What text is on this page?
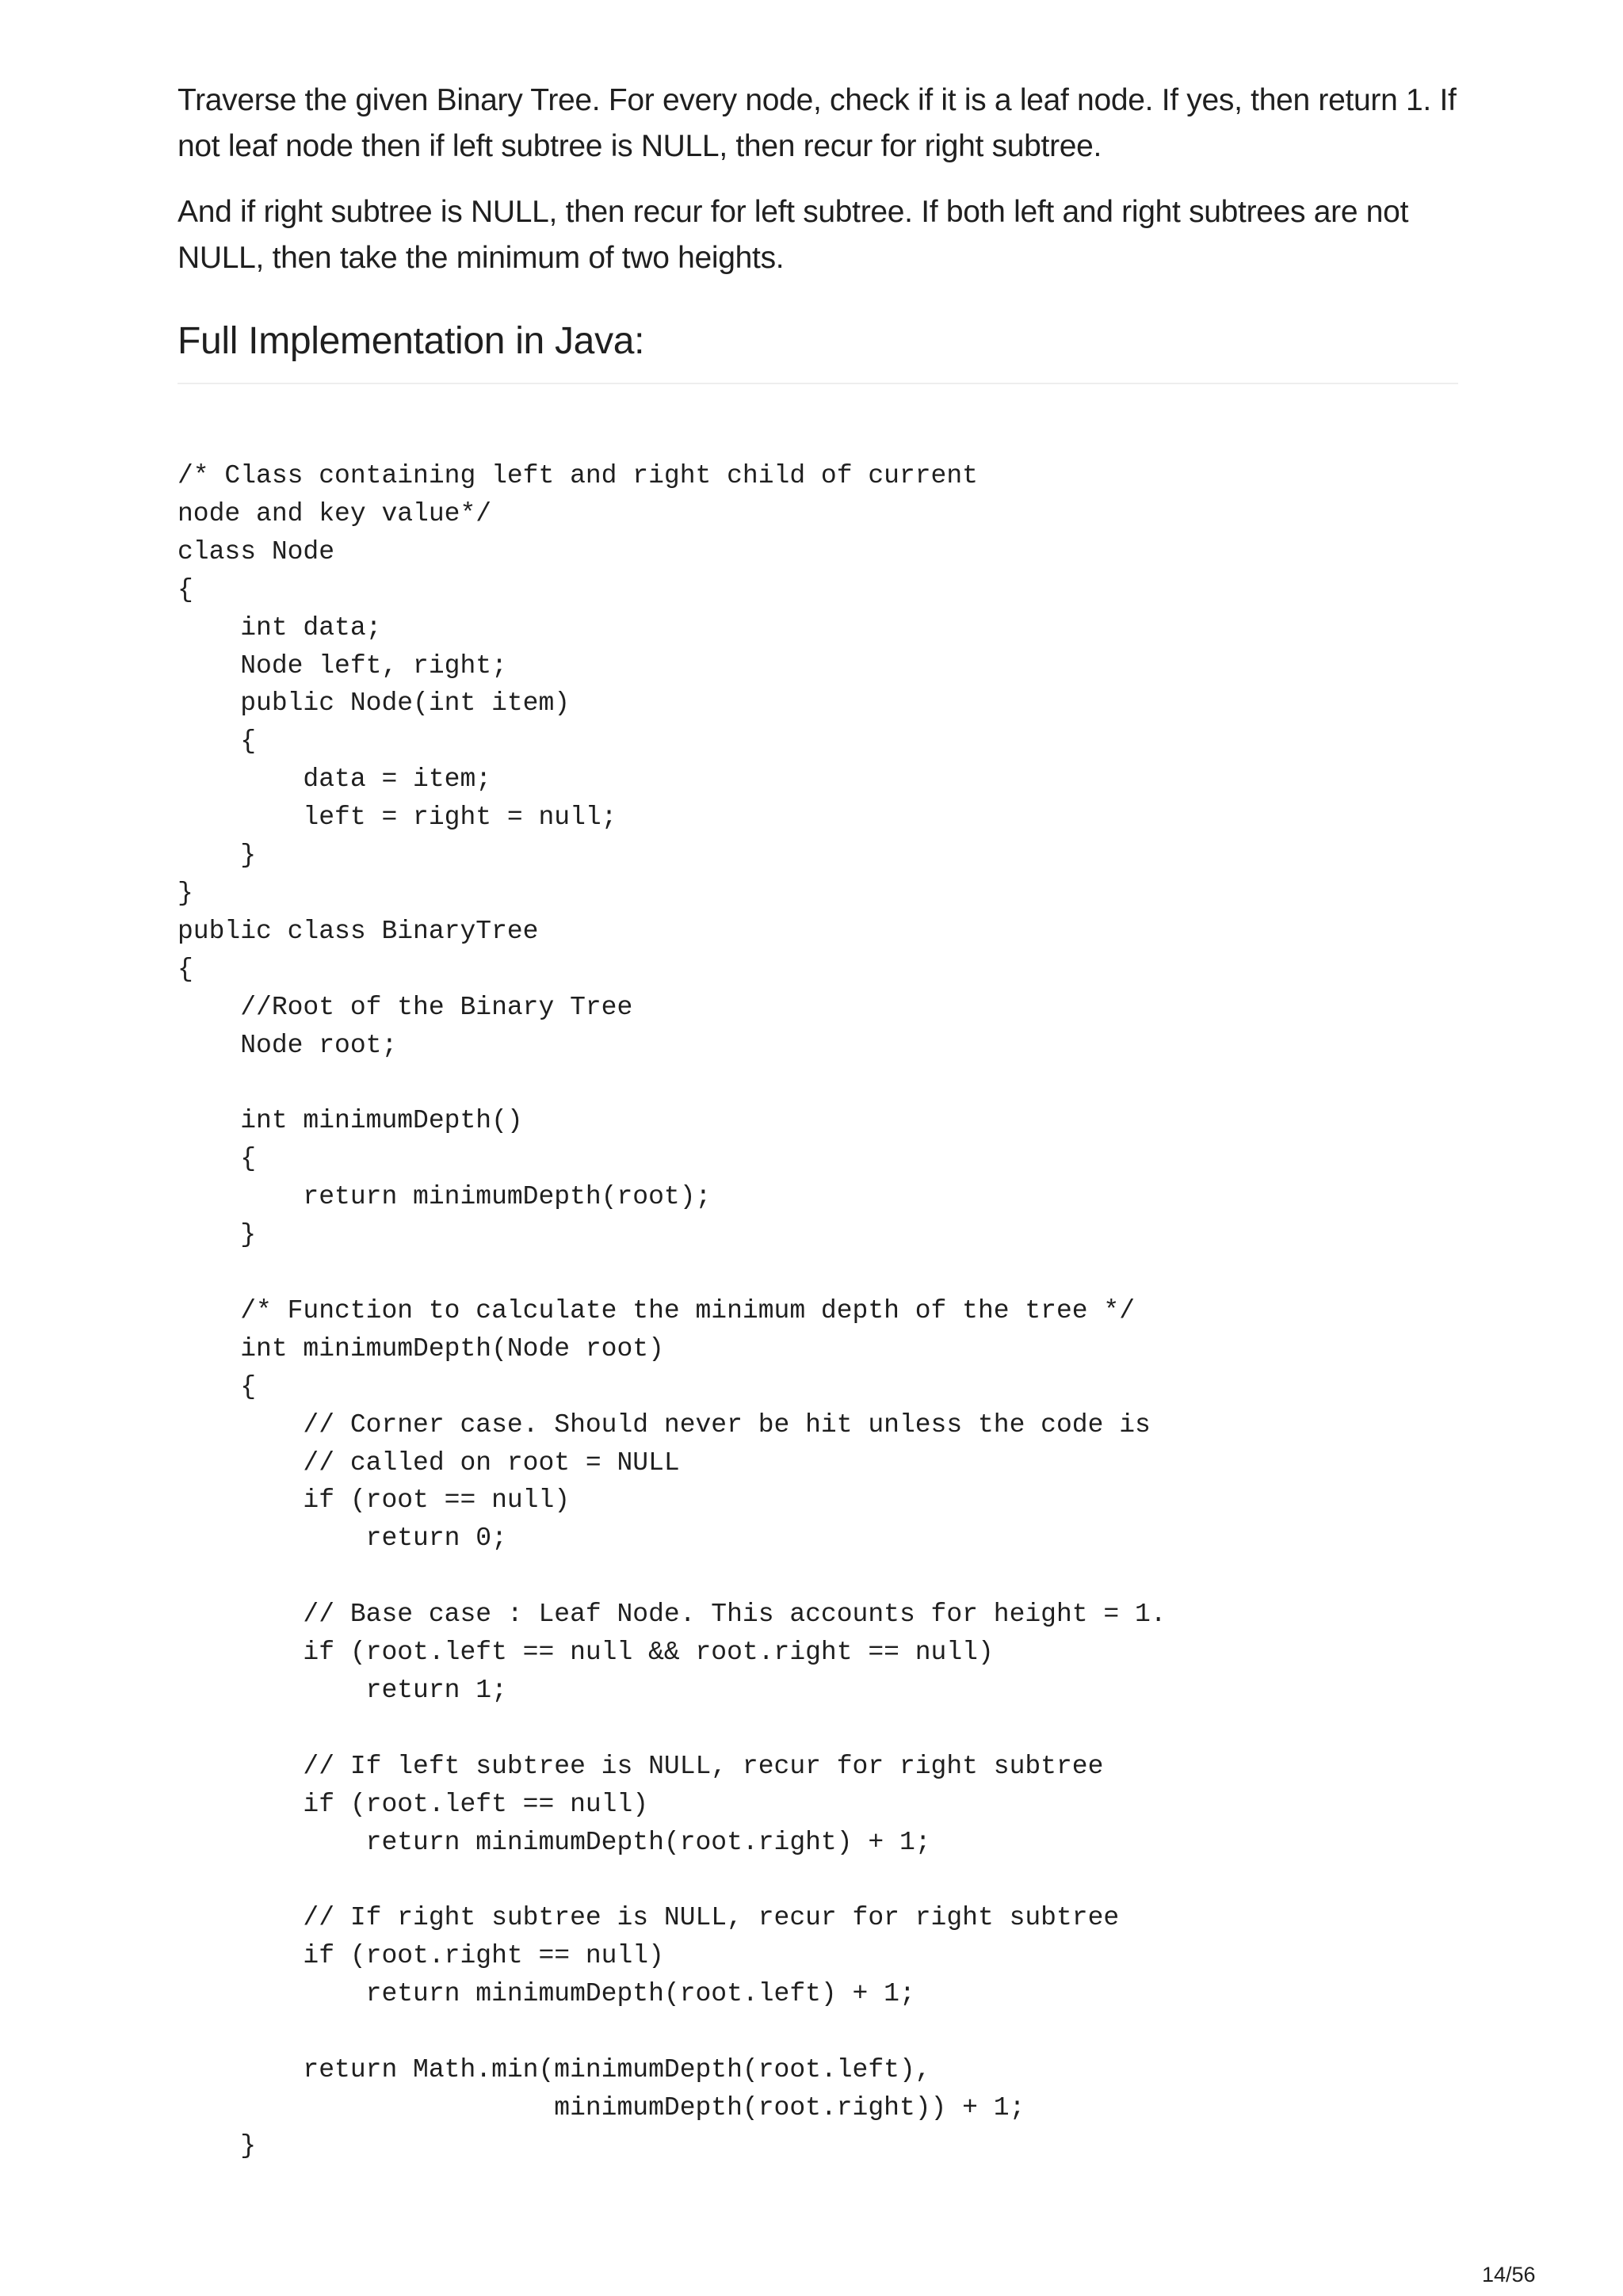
Traverse the given Binary Tree. For every node, check if it is a leaf node. If yes, then return 1. If not leaf node then if left subtree is NULL, then recur for right subtree.

And if right subtree is NULL, then recur for left subtree. If both left and right subtrees are not NULL, then take the minimum of two heights.

Full Implementation in Java:
/* Class containing left and right child of current
node and key value*/
class Node
{
int data;
Node left, right;
public Node(int item)
{
data = item;
left = right = null;
}
}
public class BinaryTree
{
//Root of the Binary Tree
Node root;

int minimumDepth()
{
return minimumDepth(root);
}

/* Function to calculate the minimum depth of the tree */
int minimumDepth(Node root)
{
// Corner case. Should never be hit unless the code is
// called on root = NULL
if (root == null)
return 0;

// Base case : Leaf Node. This accounts for height = 1.
if (root.left == null && root.right == null)
return 1;

// If left subtree is NULL, recur for right subtree
if (root.left == null)
return minimumDepth(root.right) + 1;

// If right subtree is NULL, recur for right subtree
if (root.right == null)
return minimumDepth(root.left) + 1;

return Math.min(minimumDepth(root.left),
minimumDepth(root.right)) + 1;
}
14/56
